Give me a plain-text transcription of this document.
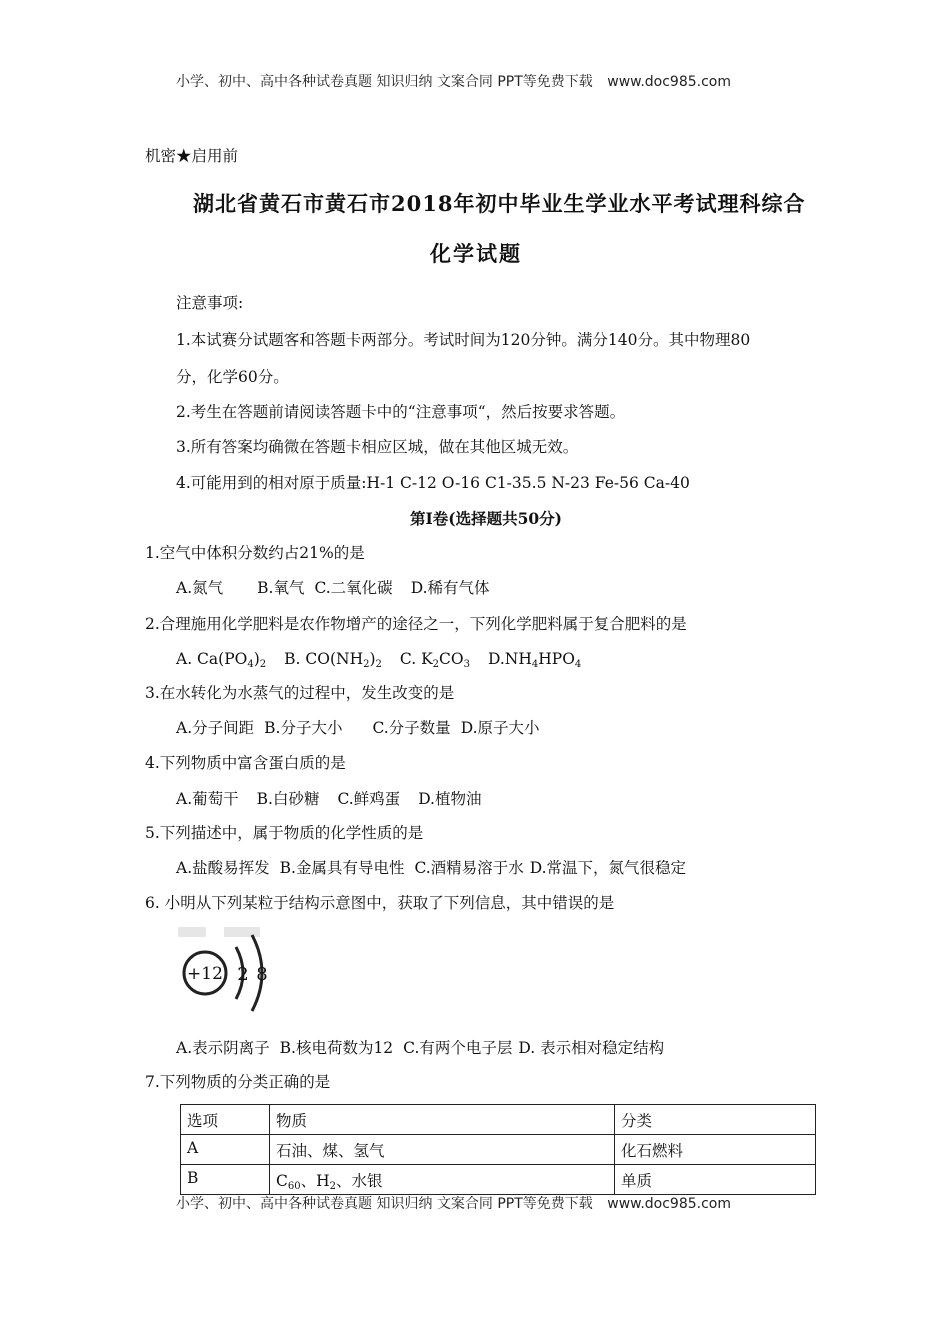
小学、初中、高中各种试卷真题 知识归纳 文案合同 PPT等免费下载 www.doc985.com
机密★启用前
湖北省黄石市黄石市2018年初中毕业生学业水平考试理科综合
化学试题
注意事项:
1.本试赛分试题客和答题卡两部分。考试时间为120分钟。满分140分。其中物理80
分，化学60分。
2.考生在答题前请阅读答题卡中的“注意事项“，然后按要求答题。
3.所有答案均确微在答题卡相应区城，做在其他区城无效。
4.可能用到的相对原于质量:H-1 C-12 O-16 C1-35.5 N-23 Fe-56 Ca-40
第I卷(选择题共50分)
1.空气中体积分数约占21%的是
A.氮气 B.氧气 C.二氧化碳 D.稀有气体
2.合理施用化学肥料是农作物增产的途径之一，下列化学肥料属于复合肥料的是
A. $Ca(PO_4)_2$ B. $CO(NH_2)_2$ C. $K_2CO_3$ $D.NH_4HPO_4$
3.在水转化为水蒸气的过程中，发生改变的是
A.分子间距 B.分子大小 C.分子数量 D.原子大小
4.下列物质中富含蛋白质的是
A.葡萄干 B.白砂糖 C.鲜鸡蛋 D.植物油
5.下列描述中，属于物质的化学性质的是
A.盐酸易挥发 B.金属具有导电性 C.酒精易溶于水 D.常温下，氮气很稳定
6. 小明从下列某粒于结构示意图中，获取了下列信息，其中错误的是
+12 2 8
A.表示阴离子 B.核电荷数为12 C.有两个电子层 D. 表示相对稳定结构
7.下列物质的分类正确的是
选项	物质	分类
A	石油、煤、氢气	化石燃料
B	$C_{60}$、$H_2$、水银	单质
小学、初中、高中各种试卷真题 知识归纳 文案合同 PPT等免费下载 www.doc985.com
